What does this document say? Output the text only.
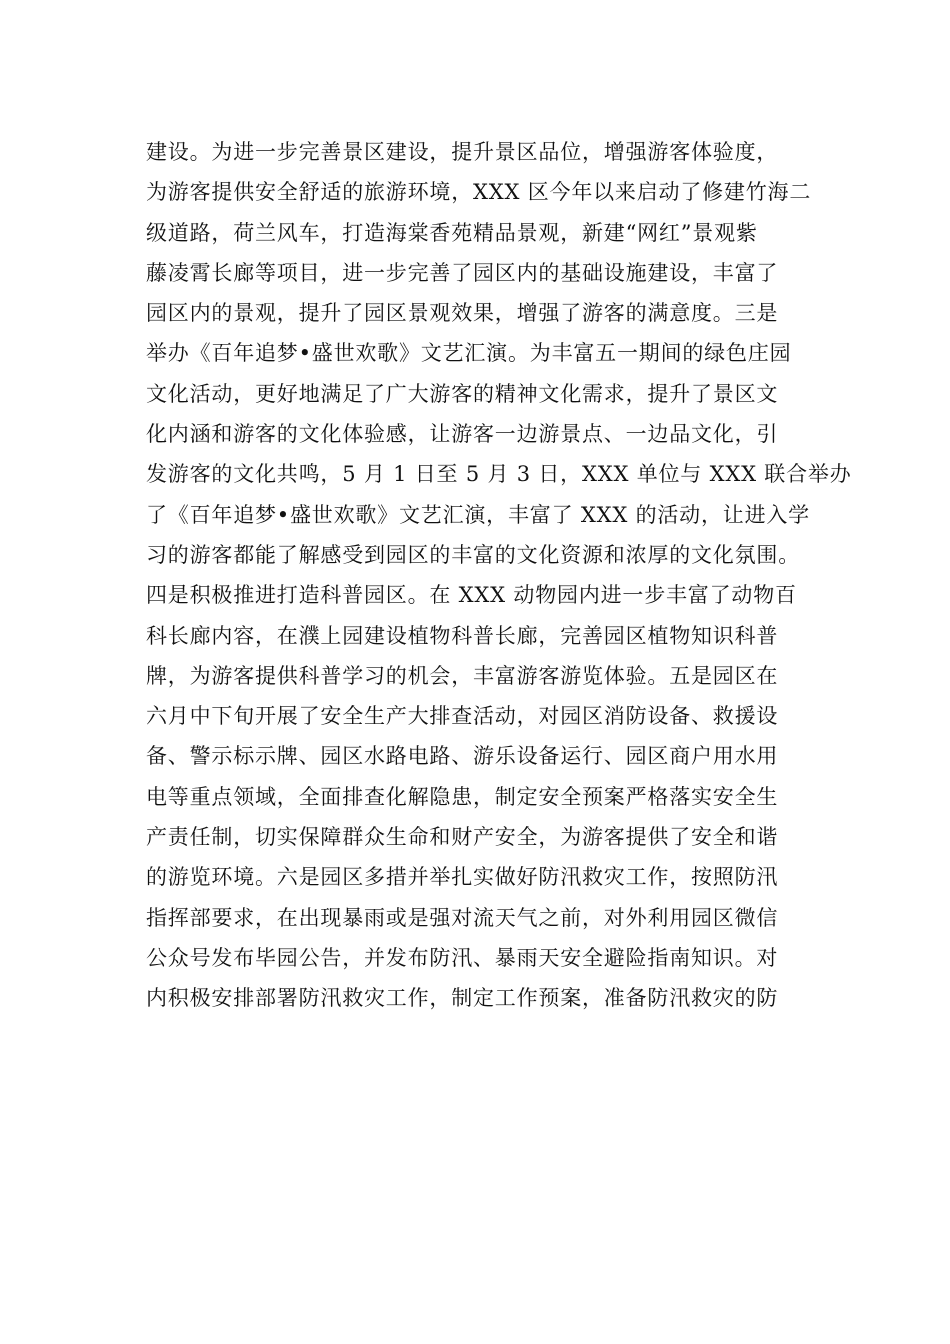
建设。为进一步完善景区建设，提升景区品位，增强游客体验度，
为游客提供安全舒适的旅游环境，XXX 区今年以来启动了修建竹海二
级道路，荷兰风车，打造海棠香苑精品景观，新建“网红”景观紫
藤凌霄长廊等项目，进一步完善了园区内的基础设施建设，丰富了
园区内的景观，提升了园区景观效果，增强了游客的满意度。三是
举办《百年追梦•盛世欢歌》文艺汇演。为丰富五一期间的绿色庄园
文化活动，更好地满足了广大游客的精神文化需求，提升了景区文
化内涵和游客的文化体验感，让游客一边游景点、一边品文化，引
发游客的文化共鸣，5 月 1 日至 5 月 3 日，XXX 单位与 XXX 联合举办
了《百年追梦•盛世欢歌》文艺汇演，丰富了 XXX 的活动，让进入学
习的游客都能了解感受到园区的丰富的文化资源和浓厚的文化氛围。
四是积极推进打造科普园区。在 XXX 动物园内进一步丰富了动物百
科长廊内容，在濮上园建设植物科普长廊，完善园区植物知识科普
牌，为游客提供科普学习的机会，丰富游客游览体验。五是园区在
六月中下旬开展了安全生产大排查活动，对园区消防设备、救援设
备、警示标示牌、园区水路电路、游乐设备运行、园区商户用水用
电等重点领域，全面排查化解隐患，制定安全预案严格落实安全生
产责任制，切实保障群众生命和财产安全，为游客提供了安全和谐
的游览环境。六是园区多措并举扎实做好防汛救灾工作，按照防汛
指挥部要求，在出现暴雨或是强对流天气之前，对外利用园区微信
公众号发布毕园公告，并发布防汛、暴雨天安全避险指南知识。对
内积极安排部署防汛救灾工作，制定工作预案，准备防汛救灾的防
